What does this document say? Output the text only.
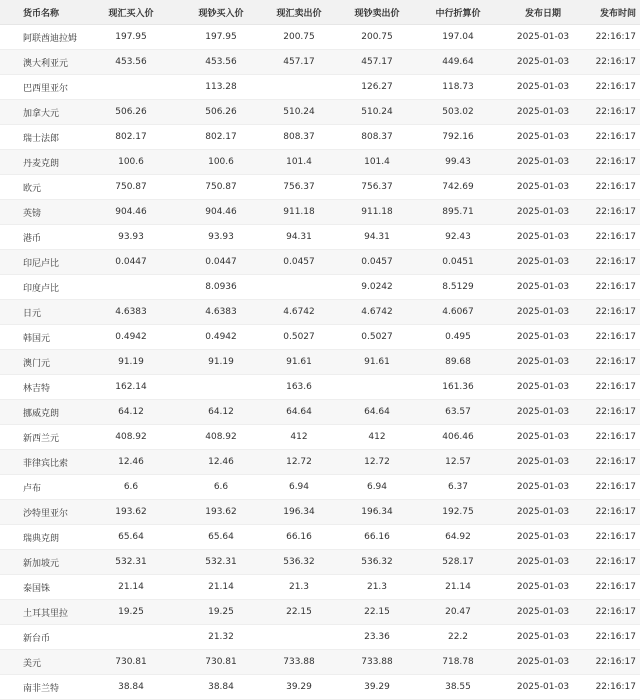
货币名称	现汇买入价	现钞买入价	现汇卖出价	现钞卖出价	中行折算价	发布日期	发布时间
阿联酋迪拉姆	197.95	197.95	200.75	200.75	197.04	2025-01-03	22:16:17
澳大利亚元	453.56	453.56	457.17	457.17	449.64	2025-01-03	22:16:17
巴西里亚尔		113.28		126.27	118.73	2025-01-03	22:16:17
加拿大元	506.26	506.26	510.24	510.24	503.02	2025-01-03	22:16:17
瑞士法郎	802.17	802.17	808.37	808.37	792.16	2025-01-03	22:16:17
丹麦克朗	100.6	100.6	101.4	101.4	99.43	2025-01-03	22:16:17
欧元	750.87	750.87	756.37	756.37	742.69	2025-01-03	22:16:17
英镑	904.46	904.46	911.18	911.18	895.71	2025-01-03	22:16:17
港币	93.93	93.93	94.31	94.31	92.43	2025-01-03	22:16:17
印尼卢比	0.0447	0.0447	0.0457	0.0457	0.0451	2025-01-03	22:16:17
印度卢比		8.0936		9.0242	8.5129	2025-01-03	22:16:17
日元	4.6383	4.6383	4.6742	4.6742	4.6067	2025-01-03	22:16:17
韩国元	0.4942	0.4942	0.5027	0.5027	0.495	2025-01-03	22:16:17
澳门元	91.19	91.19	91.61	91.61	89.68	2025-01-03	22:16:17
林吉特	162.14		163.6		161.36	2025-01-03	22:16:17
挪威克朗	64.12	64.12	64.64	64.64	63.57	2025-01-03	22:16:17
新西兰元	408.92	408.92	412	412	406.46	2025-01-03	22:16:17
菲律宾比索	12.46	12.46	12.72	12.72	12.57	2025-01-03	22:16:17
卢布	6.6	6.6	6.94	6.94	6.37	2025-01-03	22:16:17
沙特里亚尔	193.62	193.62	196.34	196.34	192.75	2025-01-03	22:16:17
瑞典克朗	65.64	65.64	66.16	66.16	64.92	2025-01-03	22:16:17
新加坡元	532.31	532.31	536.32	536.32	528.17	2025-01-03	22:16:17
泰国铢	21.14	21.14	21.3	21.3	21.14	2025-01-03	22:16:17
土耳其里拉	19.25	19.25	22.15	22.15	20.47	2025-01-03	22:16:17
新台币		21.32		23.36	22.2	2025-01-03	22:16:17
美元	730.81	730.81	733.88	733.88	718.78	2025-01-03	22:16:17
南非兰特	38.84	38.84	39.29	39.29	38.55	2025-01-03	22:16:17
